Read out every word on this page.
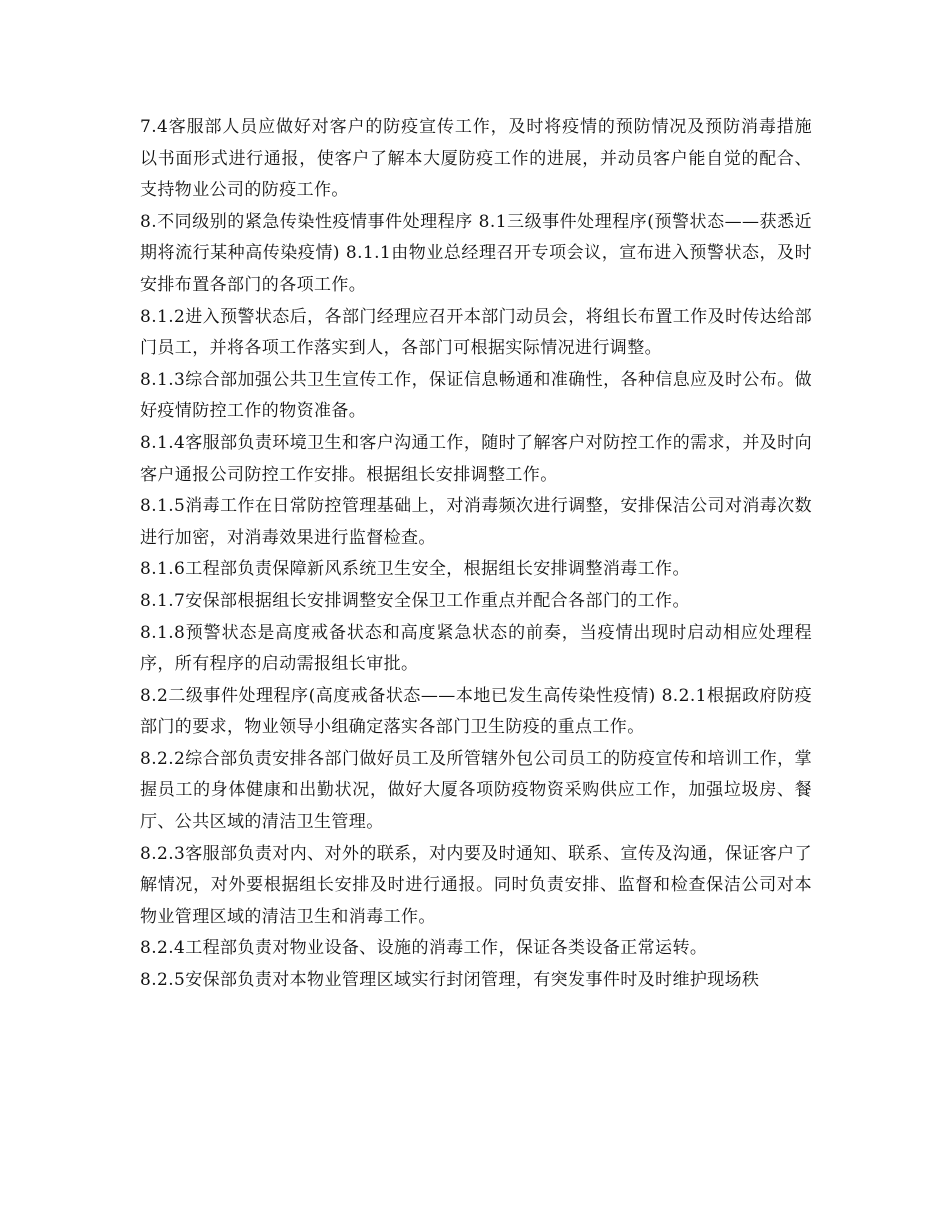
7.4客服部人员应做好对客户的防疫宣传工作，及时将疫情的预防情况及预防消毒措施以书面形式进行通报，使客户了解本大厦防疫工作的进展，并动员客户能自觉的配合、支持物业公司的防疫工作。

8.不同级别的紧急传染性疫情事件处理程序 8.1三级事件处理程序(预警状态——获悉近期将流行某种高传染疫情) 8.1.1由物业总经理召开专项会议，宣布进入预警状态，及时安排布置各部门的各项工作。

8.1.2进入预警状态后，各部门经理应召开本部门动员会，将组长布置工作及时传达给部门员工，并将各项工作落实到人，各部门可根据实际情况进行调整。

8.1.3综合部加强公共卫生宣传工作，保证信息畅通和准确性，各种信息应及时公布。做好疫情防控工作的物资准备。

8.1.4客服部负责环境卫生和客户沟通工作，随时了解客户对防控工作的需求，并及时向客户通报公司防控工作安排。根据组长安排调整工作。

8.1.5消毒工作在日常防控管理基础上，对消毒频次进行调整，安排保洁公司对消毒次数进行加密，对消毒效果进行监督检查。

8.1.6工程部负责保障新风系统卫生安全，根据组长安排调整消毒工作。

8.1.7安保部根据组长安排调整安全保卫工作重点并配合各部门的工作。

8.1.8预警状态是高度戒备状态和高度紧急状态的前奏，当疫情出现时启动相应处理程序，所有程序的启动需报组长审批。

8.2二级事件处理程序(高度戒备状态——本地已发生高传染性疫情) 8.2.1根据政府防疫部门的要求，物业领导小组确定落实各部门卫生防疫的重点工作。

8.2.2综合部负责安排各部门做好员工及所管辖外包公司员工的防疫宣传和培训工作，掌握员工的身体健康和出勤状况，做好大厦各项防疫物资采购供应工作，加强垃圾房、餐厅、公共区域的清洁卫生管理。

8.2.3客服部负责对内、对外的联系，对内要及时通知、联系、宣传及沟通，保证客户了解情况，对外要根据组长安排及时进行通报。同时负责安排、监督和检查保洁公司对本物业管理区域的清洁卫生和消毒工作。

8.2.4工程部负责对物业设备、设施的消毒工作，保证各类设备正常运转。

8.2.5安保部负责对本物业管理区域实行封闭管理，有突发事件时及时维护现场秩
